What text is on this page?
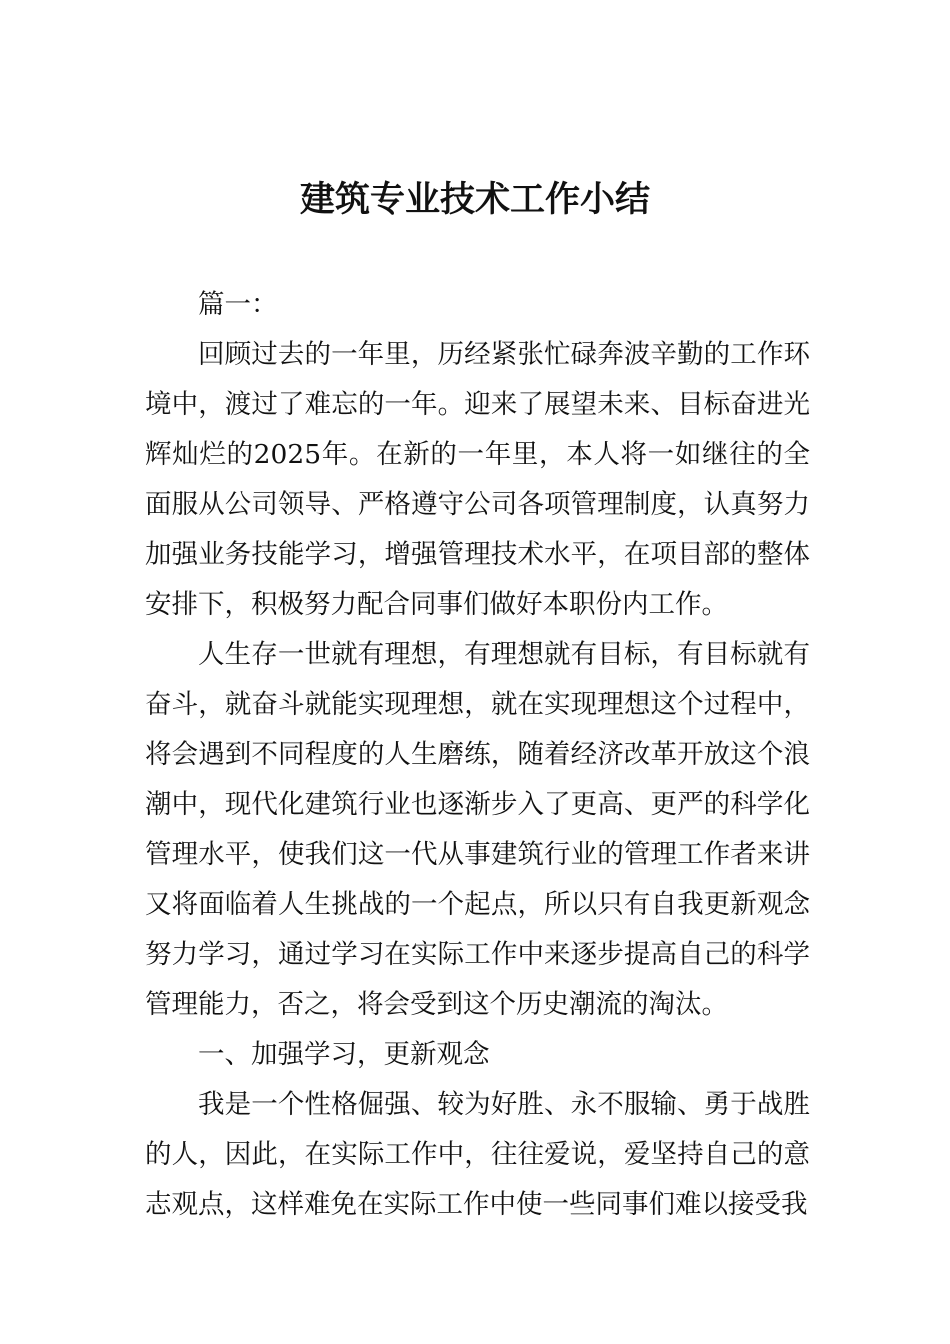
建筑专业技术工作小结

篇一：

回顾过去的一年里，历经紧张忙碌奔波辛勤的工作环境中，渡过了难忘的一年。迎来了展望未来、目标奋进光辉灿烂的2025年。在新的一年里，本人将一如继往的全面服从公司领导、严格遵守公司各项管理制度，认真努力加强业务技能学习，增强管理技术水平，在项目部的整体安排下，积极努力配合同事们做好本职份内工作。

人生存一世就有理想，有理想就有目标，有目标就有奋斗，就奋斗就能实现理想，就在实现理想这个过程中，将会遇到不同程度的人生磨练，随着经济改革开放这个浪潮中，现代化建筑行业也逐渐步入了更高、更严的科学化管理水平，使我们这一代从事建筑行业的管理工作者来讲又将面临着人生挑战的一个起点，所以只有自我更新观念努力学习，通过学习在实际工作中来逐步提高自己的科学管理能力，否之，将会受到这个历史潮流的淘汰。

一、加强学习，更新观念

我是一个性格倔强、较为好胜、永不服输、勇于战胜的人，因此，在实际工作中，往往爱说，爱坚持自己的意志观点，这样难免在实际工作中使一些同事们难以接受我
